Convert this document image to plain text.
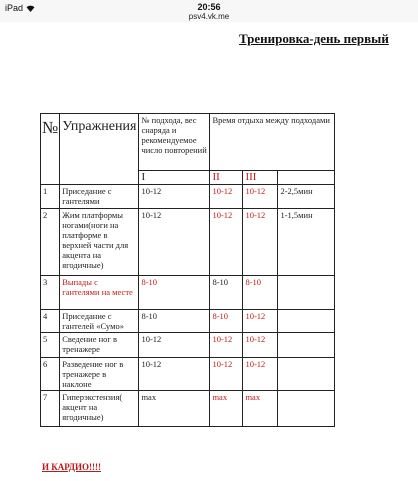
iPad	20:56
psv4.vk.me
Тренировка-день первый
№	Упражнения	№ подхода, вес снаряда и рекомендуемое число повторений	Время отдыха между подходами		
		I	II	III	
1	Приседание с гантелями	10-12	10-12	10-12	2-2,5мин
2	Жим платформы ногами(ноги на платформе в верхней части для акцента на ягодичные)	10-12	10-12	10-12	1-1,5мин
3	Выпады с гантелями на месте	8-10	8-10	8-10	
4	Приседание с гантелей «Сумо»	8-10	8-10	10-12	
5	Сведение ног в тренажере	10-12	10-12	10-12	
6	Разведение ног в тренажере в наклоне	10-12	10-12	10-12	
7	Гиперэкстензия( акцент на ягодичные)	max	max	max	
И КАРДИО!!!!
